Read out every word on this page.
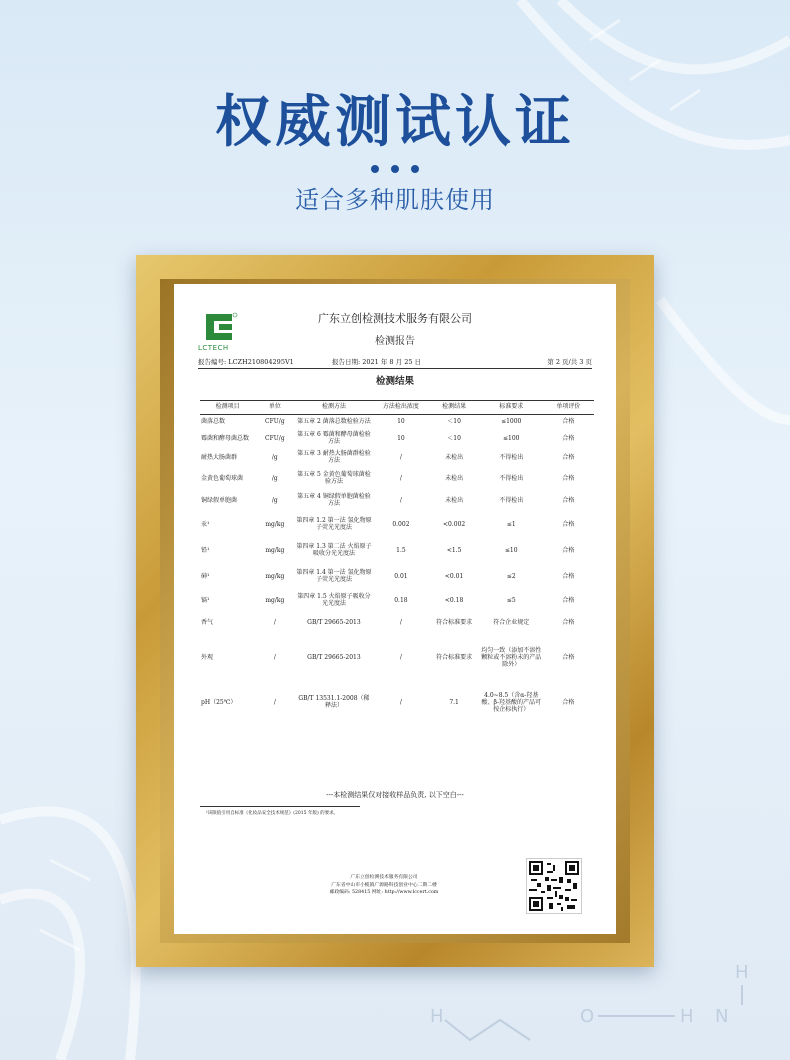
H
H	O	H N
权威测试认证
适合多种肌肤使用
LCTECH
广东立创检测技术服务有限公司
检测报告
报告编号: LCZH210804295V1	报告日期: 2021 年 8 月 25 日	第 2 页/共 3 页
检测结果
检测项目	单位	检测方法	方法检出浓度	检测结果	标准要求	单项评价
菌落总数	CFU/g	第五章 2 菌落总数检验方法	10	＜10	≤1000	合格
霉菌和酵母菌总数	CFU/g	第五章 6 霉菌和酵母菌检验方法	10	＜10	≤100	合格
耐热大肠菌群	/g	第五章 3 耐热大肠菌群检验方法	/	未检出	不得检出	合格
金黄色葡萄球菌	/g	第五章 5 金黄色葡萄球菌检验方法	/	未检出	不得检出	合格
铜绿假单胞菌	/g	第五章 4 铜绿假单胞菌检验方法	/	未检出	不得检出	合格
汞¹	mg/kg	第四章 1.2 第一法 氢化物原子荧光光度法	0.002	<0.002	≤1	合格
铅¹	mg/kg	第四章 1.3 第二法 火焰原子吸收分光光度法	1.5	<1.5	≤10	合格
砷¹	mg/kg	第四章 1.4 第一法 氢化物原子荧光光度法	0.01	<0.01	≤2	合格
镉¹	mg/kg	第四章 1.5 火焰原子吸收分光光度法	0.18	<0.18	≤5	合格
香气	/	GB/T 29665-2013	/	符合标准要求	符合企业规定	合格
外观	/	GB/T 29665-2013	/	符合标准要求	均匀一致（添加不溶性颗粒或不溶粉末的产品除外）	合格
pH（25℃）	/	GB/T 13531.1-2008（稀释法）	/	7.1	4.0~8.5（含α-羟基酸、β-羟基酸的产品可按企标执行）	合格
---本检测结果仅对接收样品负责, 以下空白---
¹该限值引用自标准《化妆品安全技术规范》(2015 年版) 的要求。
广东立创检测技术服务有限公司
广东省中山市小榄镇广源路科技创业中心二期二楼
邮政编码: 528415 网址: http://www.lccert.com
